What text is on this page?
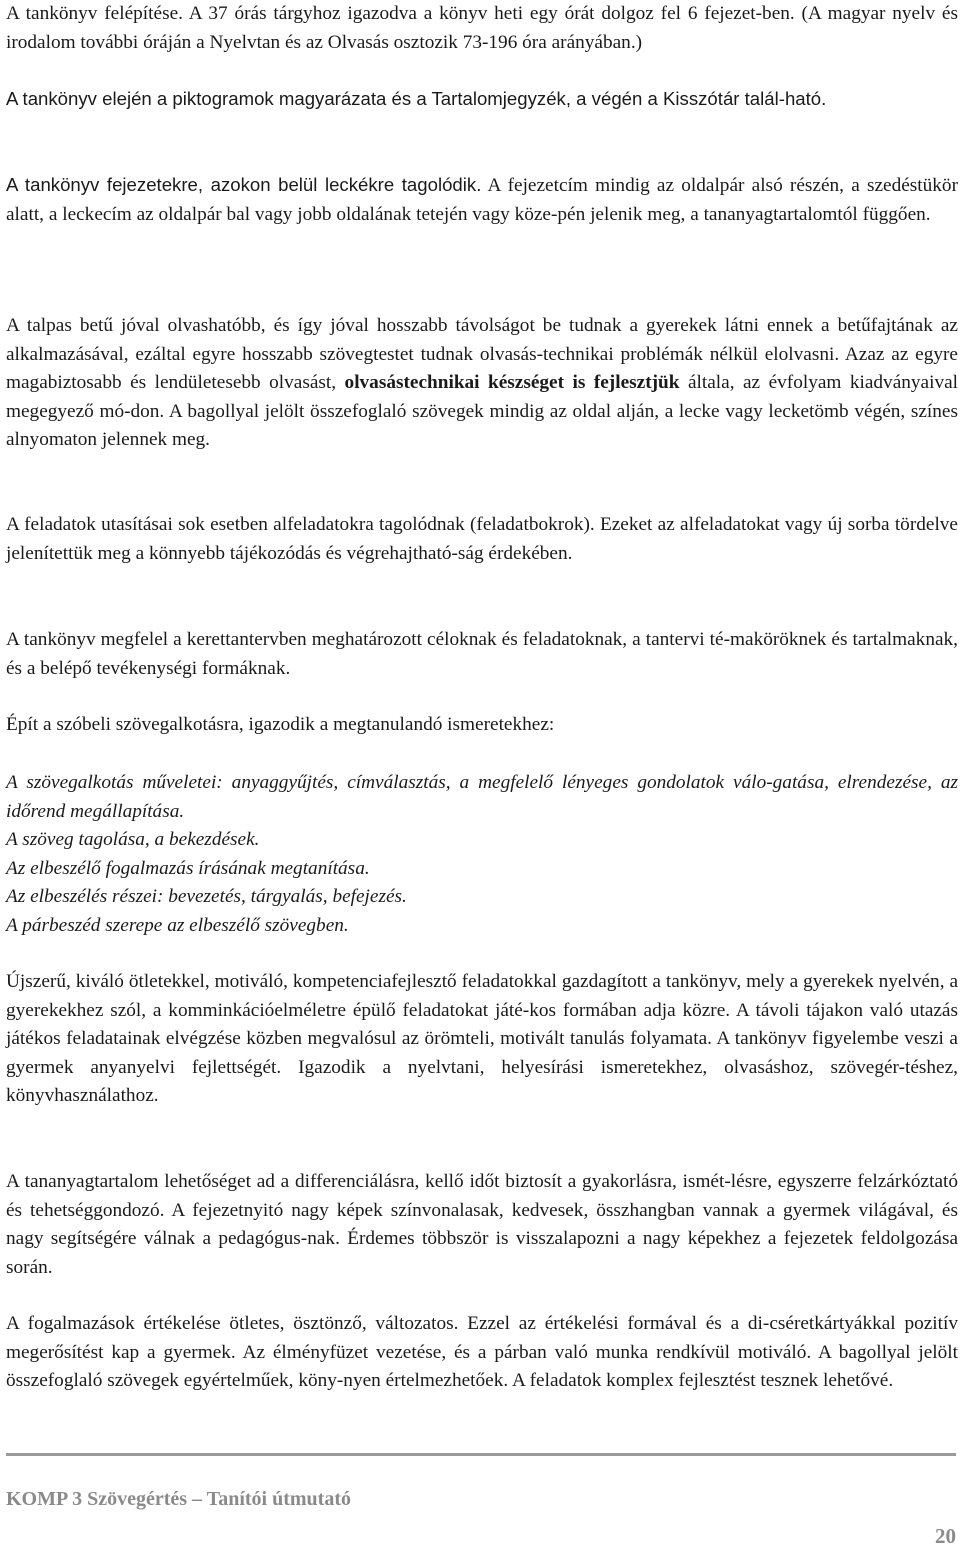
A tankönyv felépítése. A 37 órás tárgyhoz igazodva a könyv heti egy órát dolgoz fel 6 fejezet-ben. (A magyar nyelv és irodalom további óráján a Nyelvtan és az Olvasás osztozik 73-196 óra arányában.)

A tankönyv elején a piktogramok magyarázata és a Tartalomjegyzék, a végén a Kisszótár talál-ható.

A tankönyv fejezetekre, azokon belül leckékre tagolódik. A fejezetcím mindig az oldalpár alsó részén, a szedéstükör alatt, a leckecím az oldalpár bal vagy jobb oldalának tetején vagy köze-pén jelenik meg, a tananyagtartalomtól függően.

A talpas betű jóval olvashatóbb, és így jóval hosszabb távolságot be tudnak a gyerekek látni ennek a betűfajtának az alkalmazásával, ezáltal egyre hosszabb szövegtestet tudnak olvasás-technikai problémák nélkül elolvasni. Azaz az egyre magabiztosabb és lendületesebb olvasást, olvasástechnikai készséget is fejlesztjük általa, az évfolyam kiadványaival megegyező mó-don. A bagollyal jelölt összefoglaló szövegek mindig az oldal alján, a lecke vagy lecketömb végén, színes alnyomaton jelennek meg.

A feladatok utasításai sok esetben alfeladatokra tagolódnak (feladatbokrok). Ezeket az alfeladatokat vagy új sorba tördelve jelenítettük meg a könnyebb tájékozódás és végrehajtható-ság érdekében.

A tankönyv megfelel a kerettantervben meghatározott céloknak és feladatoknak, a tantervi té-maköröknek és tartalmaknak, és a belépő tevékenységi formáknak.

Épít a szóbeli szövegalkotásra, igazodik a megtanulandó ismeretekhez:

A szövegalkotás műveletei: anyaggyűjtés, címválasztás, a megfelelő lényeges gondolatok válo-gatása, elrendezése, az időrend megállapítása.
A szöveg tagolása, a bekezdések.
Az elbeszélő fogalmazás írásának megtanítása.
Az elbeszélés részei: bevezetés, tárgyalás, befejezés.
A párbeszéd szerepe az elbeszélő szövegben.

Újszerű, kiváló ötletekkel, motiváló, kompetenciafejlesztő feladatokkal gazdagított a tankönyv, mely a gyerekek nyelvén, a gyerekekhez szól, a komminkációelméletre épülő feladatokat játé-kos formában adja közre. A távoli tájakon való utazás játékos feladatainak elvégzése közben megvalósul az örömteli, motivált tanulás folyamata. A tankönyv figyelembe veszi a gyermek anyanyelvi fejlettségét. Igazodik a nyelvtani, helyesírási ismeretekhez, olvasáshoz, szövegér-téshez, könyvhasználathoz.

A tananyagtartalom lehetőséget ad a differenciálásra, kellő időt biztosít a gyakorlásra, ismét-lésre, egyszerre felzárkóztató és tehetséggondozó. A fejezetnyitó nagy képek színvonalasak, kedvesek, összhangban vannak a gyermek világával, és nagy segítségére válnak a pedagógus-nak. Érdemes többször is visszalapozni a nagy képekhez a fejezetek feldolgozása során.

A fogalmazások értékelése ötletes, ösztönző, változatos. Ezzel az értékelési formával és a di-cséretkártyákkal pozitív megerősítést kap a gyermek. Az élményfüzet vezetése, és a párban való munka rendkívül motiváló. A bagollyal jelölt összefoglaló szövegek egyértelműek, köny-nyen értelmezhetőek. A feladatok komplex fejlesztést tesznek lehetővé.

KOMP 3 Szövegértés – Tanítói útmutató
20
